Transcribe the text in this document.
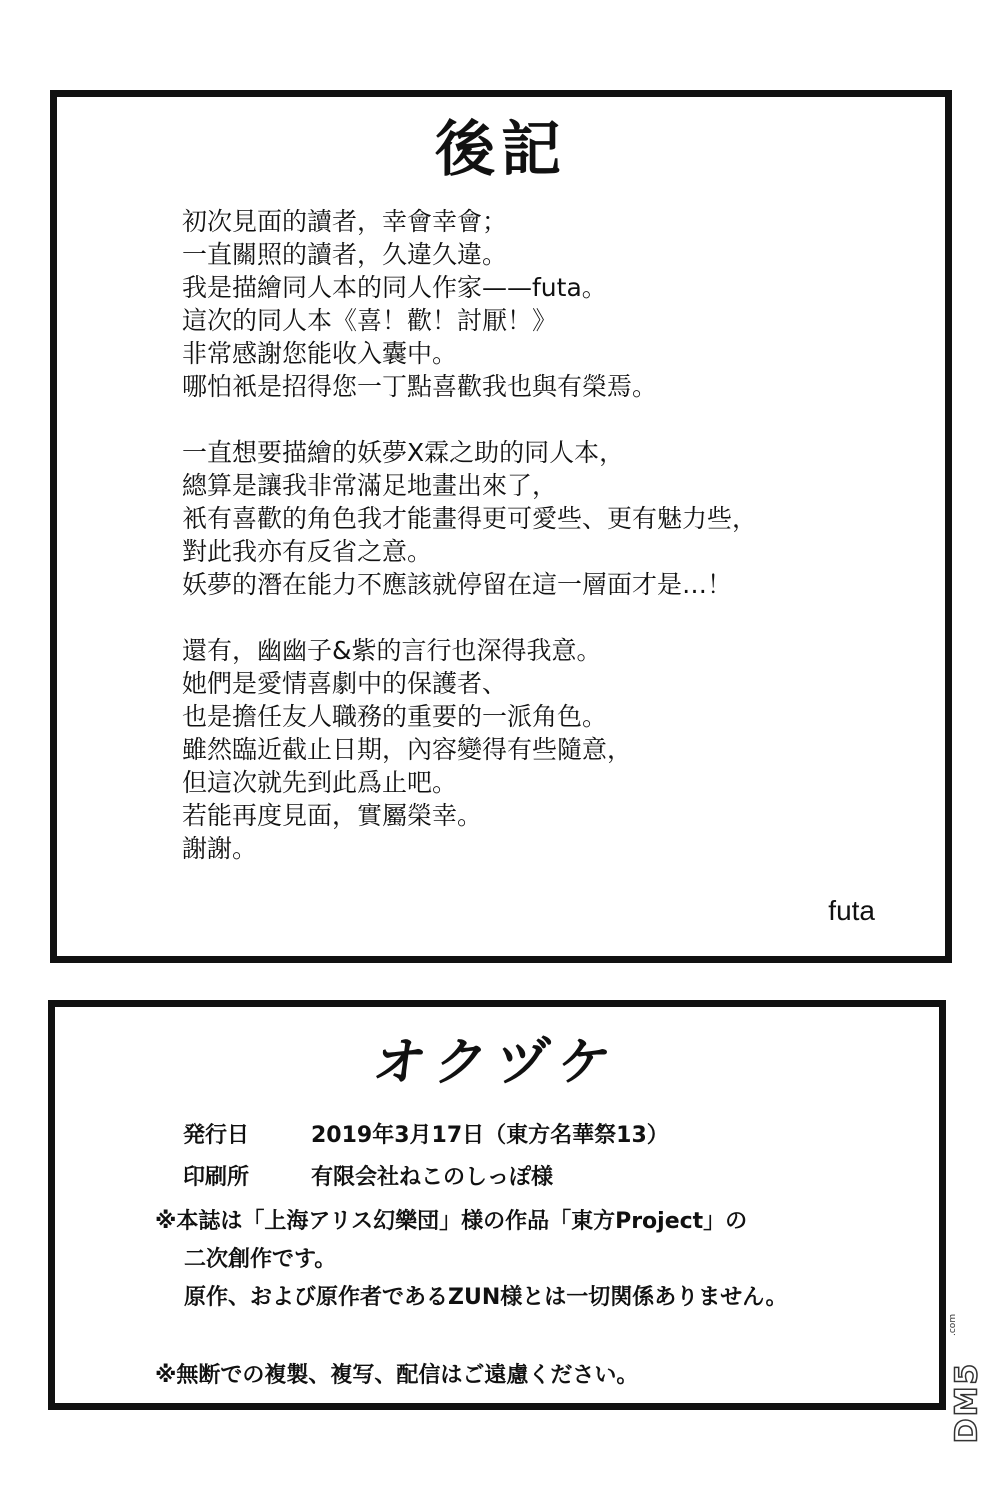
後記
初次見面的讀者，幸會幸會；
一直關照的讀者，久違久違。
我是描繪同人本的同人作家——futa。
這次的同人本《喜！歡！討厭！》
非常感謝您能收入囊中。
哪怕衹是招得您一丁點喜歡我也與有榮焉。
一直想要描繪的妖夢X霖之助的同人本，
總算是讓我非常滿足地畫出來了，
衹有喜歡的角色我才能畫得更可愛些、更有魅力些，
對此我亦有反省之意。
妖夢的潛在能力不應該就停留在這一層面才是…！
還有，幽幽子&紫的言行也深得我意。
她們是愛情喜劇中的保護者、
也是擔任友人職務的重要的一派角色。
雖然臨近截止日期，內容變得有些隨意，
但這次就先到此爲止吧。
若能再度見面，實屬榮幸。
謝謝。
futa
オクヅケ
発行日	2019年3月17日（東方名華祭13）
印刷所	有限会社ねこのしっぽ様
※本誌は「上海アリス幻樂団」様の作品「東方Project」の
二次創作です。
原作、および原作者であるZUN様とは一切関係ありません。
※無断での複製、複写、配信はご遠慮ください。	DM5
.com
